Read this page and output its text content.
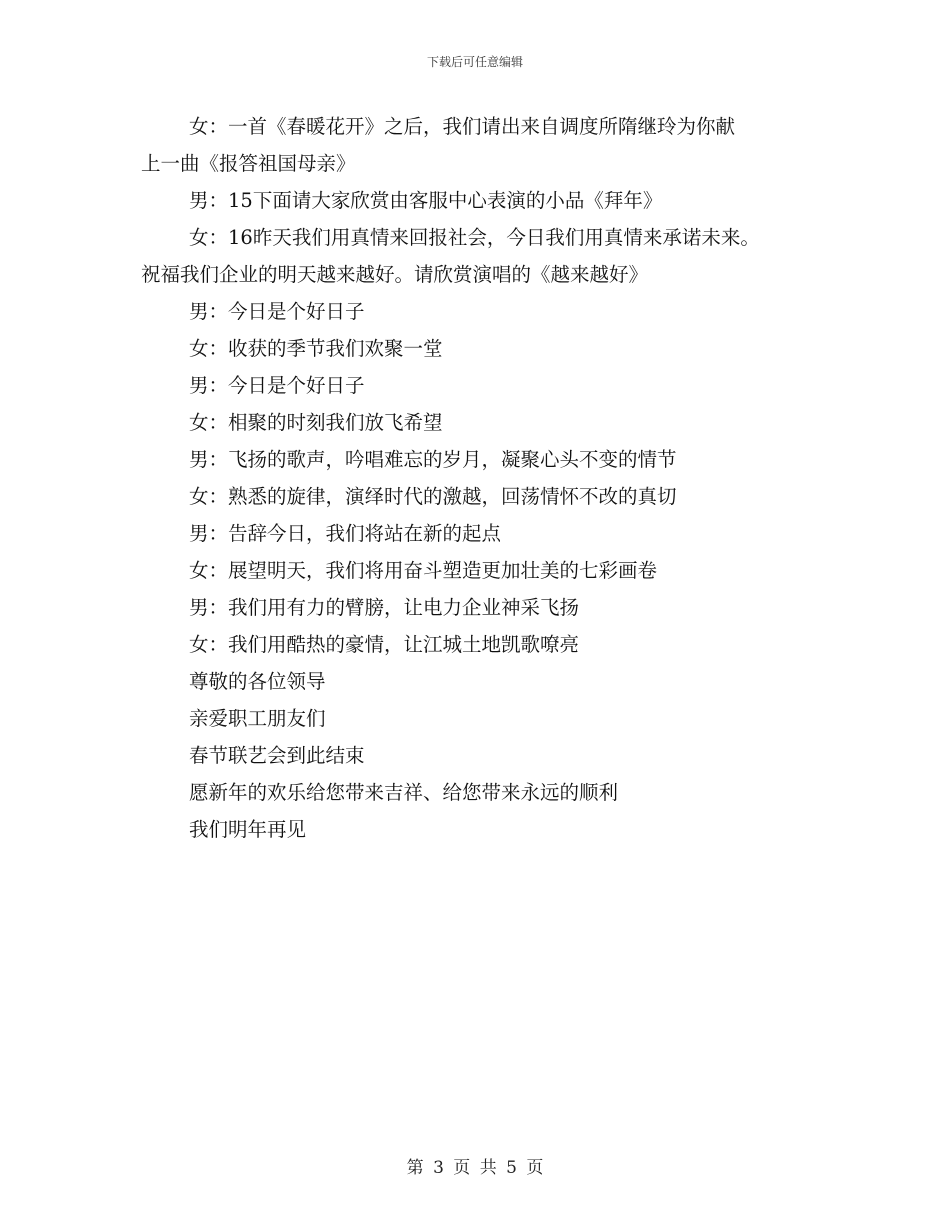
下载后可任意编辑

女：一首《春暖花开》之后，我们请出来自调度所隋继玲为你献
上一曲《报答祖国母亲》

男：15下面请大家欣赏由客服中心表演的小品《拜年》

女：16昨天我们用真情来回报社会，今日我们用真情来承诺未来。
祝福我们企业的明天越来越好。请欣赏演唱的《越来越好》

男：今日是个好日子

女：收获的季节我们欢聚一堂

男：今日是个好日子

女：相聚的时刻我们放飞希望

男：飞扬的歌声，吟唱难忘的岁月，凝聚心头不变的情节

女：熟悉的旋律，演绎时代的激越，回荡情怀不改的真切

男：告辞今日，我们将站在新的起点

女：展望明天，我们将用奋斗塑造更加壮美的七彩画卷

男：我们用有力的臂膀，让电力企业神采飞扬

女：我们用酷热的豪情，让江城土地凯歌嘹亮

尊敬的各位领导

亲爱职工朋友们

春节联艺会到此结束

愿新年的欢乐给您带来吉祥、给您带来永远的顺利

我们明年再见

第 3 页 共 5 页
